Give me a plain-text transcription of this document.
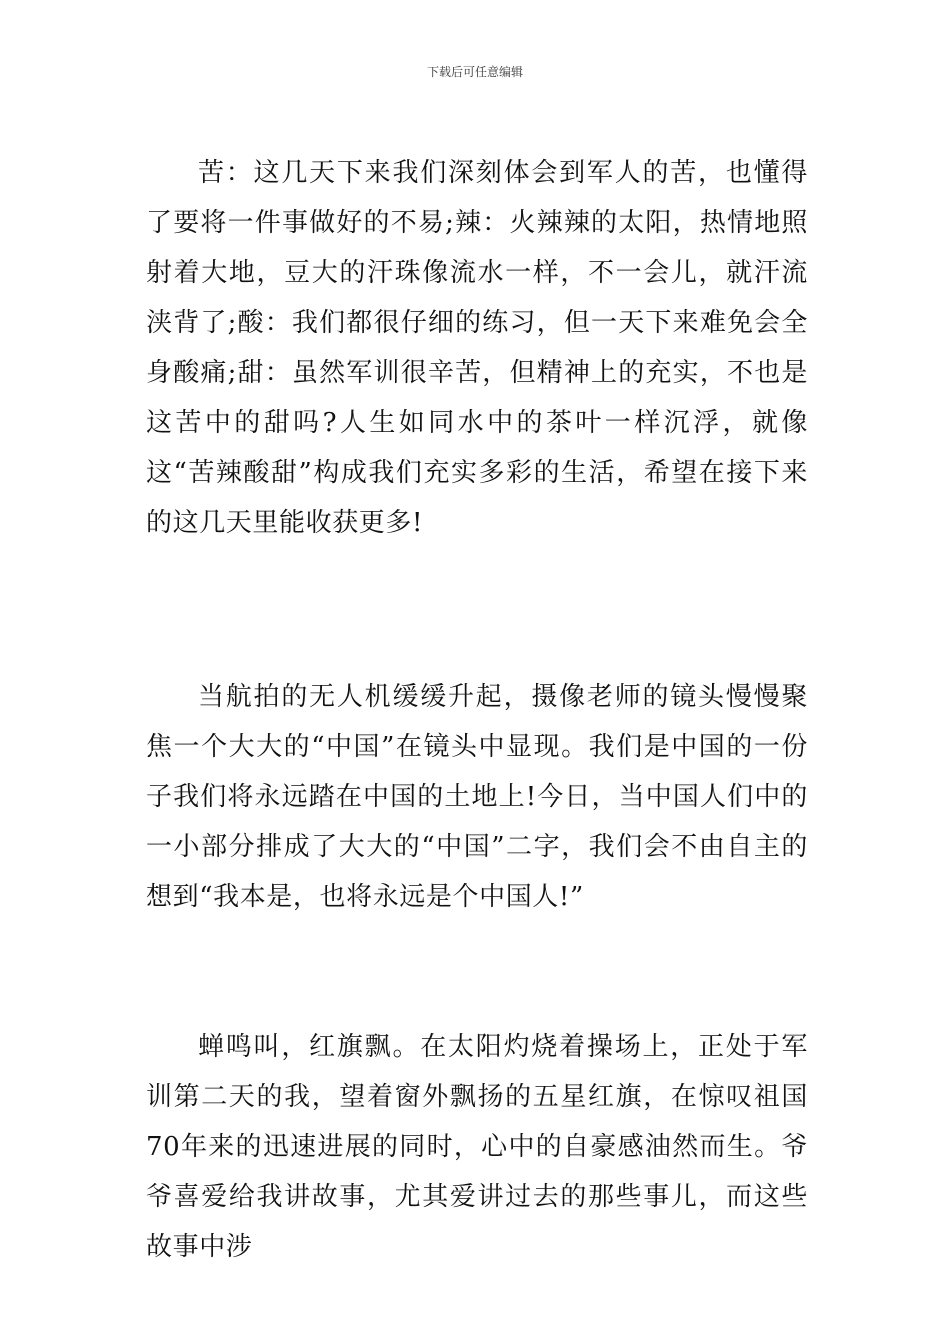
下载后可任意编辑

苦：这几天下来我们深刻体会到军人的苦，也懂得了要将一件事做好的不易;辣：火辣辣的太阳，热情地照射着大地，豆大的汗珠像流水一样，不一会儿，就汗流浃背了;酸：我们都很仔细的练习，但一天下来难免会全身酸痛;甜：虽然军训很辛苦，但精神上的充实，不也是这苦中的甜吗?人生如同水中的茶叶一样沉浮，就像这“苦辣酸甜”构成我们充实多彩的生活，希望在接下来的这几天里能收获更多!

当航拍的无人机缓缓升起，摄像老师的镜头慢慢聚焦一个大大的“中国”在镜头中显现。我们是中国的一份子我们将永远踏在中国的土地上!今日，当中国人们中的一小部分排成了大大的“中国”二字，我们会不由自主的想到“我本是，也将永远是个中国人!”

蝉鸣叫，红旗飘。在太阳灼烧着操场上，正处于军训第二天的我，望着窗外飘扬的五星红旗，在惊叹祖国70年来的迅速进展的同时，心中的自豪感油然而生。爷爷喜爱给我讲故事，尤其爱讲过去的那些事儿，而这些故事中涉
